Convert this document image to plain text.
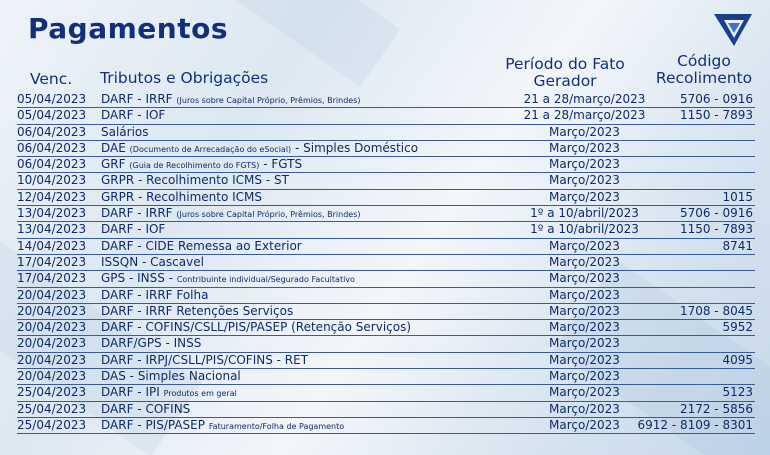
Pagamentos
Venc. Tributos e Obrigações
Período do Fato
Gerador
Código
Recolimento
05/04/2023	DARF - IRRF (Juros sobre Capital Próprio, Prêmios, Brindes)	21 a 28/março/2023	5706 - 0916
05/04/2023	DARF - IOF	21 a 28/março/2023	1150 - 7893
06/04/2023	Salários	Março/2023
06/04/2023	DAE (Documento de Arrecadação do eSocial) - Simples Doméstico	Março/2023
06/04/2023	GRF (Guia de Recolhimento do FGTS) - FGTS	Março/2023
10/04/2023	GRPR - Recolhimento ICMS - ST	Março/2023
12/04/2023	GRPR - Recolhimento ICMS	Março/2023	1015
13/04/2023	DARF - IRRF (Juros sobre Capital Próprio, Prêmios, Brindes)	1º a 10/abril/2023	5706 - 0916
13/04/2023	DARF - IOF	1º a 10/abril/2023	1150 - 7893
14/04/2023	DARF - CIDE Remessa ao Exterior	Março/2023	8741
17/04/2023	ISSQN - Cascavel	Março/2023
17/04/2023	GPS - INSS - Contribuinte individual/Segurado Facultativo	Março/2023
20/04/2023	DARF - IRRF Folha	Março/2023
20/04/2023	DARF - IRRF Retenções Serviços	Março/2023	1708 - 8045
20/04/2023	DARF - COFINS/CSLL/PIS/PASEP (Retenção Serviços)	Março/2023	5952
20/04/2023	DARF/GPS - INSS	Março/2023
20/04/2023	DARF - IRPJ/CSLL/PIS/COFINS - RET	Março/2023	4095
20/04/2023	DAS - Simples Nacional	Março/2023
25/04/2023	DARF - IPI Produtos em geral	Março/2023	5123
25/04/2023	DARF - COFINS	Março/2023	2172 - 5856
25/04/2023	DARF - PIS/PASEP Faturamento/Folha de Pagamento	Março/2023	6912 - 8109 - 8301
